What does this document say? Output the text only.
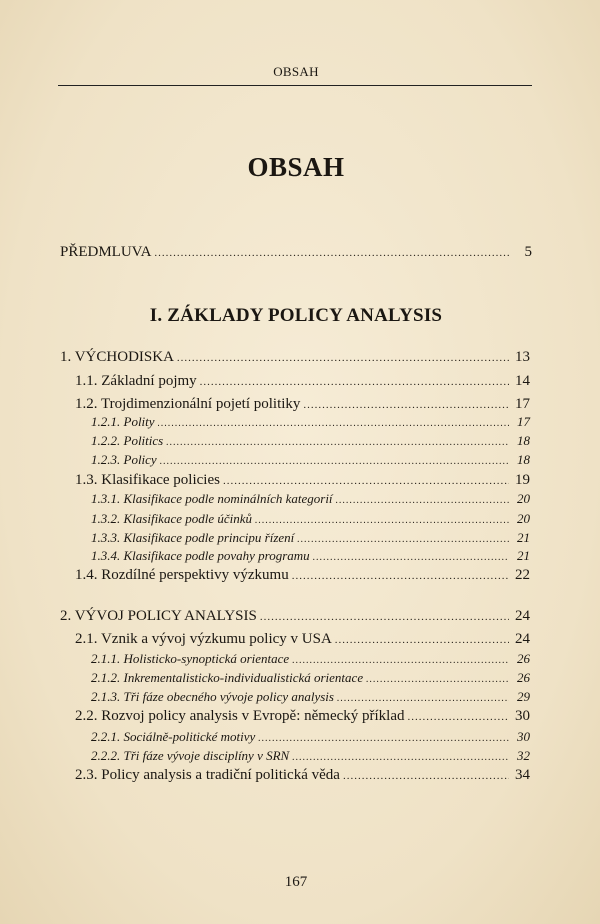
OBSAH
OBSAH
PŘEDMLUVA .....	5
I. ZÁKLADY POLICY ANALYSIS
1. VÝCHODISKA .....	13
1.1. Základní pojmy .....	14
1.2. Trojdimenzionální pojetí politiky .....	17
1.2.1. Polity .....	17
1.2.2. Politics .....	18
1.2.3. Policy .....	18
1.3. Klasifikace policies .....	19
1.3.1. Klasifikace podle nominálních kategorií .....	20
1.3.2. Klasifikace podle účinků .....	20
1.3.3. Klasifikace podle principu řízení .....	21
1.3.4. Klasifikace podle povahy programu .....	21
1.4. Rozdílné perspektivy výzkumu .....	22
2. VÝVOJ POLICY ANALYSIS .....	24
2.1. Vznik a vývoj výzkumu policy v USA .....	24
2.1.1. Holisticko-synoptická orientace .....	26
2.1.2. Inkrementalisticko-individualistická orientace .....	26
2.1.3. Tři fáze obecného vývoje policy analysis .....	29
2.2. Rozvoj policy analysis v Evropě: německý příklad .....	30
2.2.1. Sociálně-politické motivy .....	30
2.2.2. Tři fáze vývoje disciplíny v SRN .....	32
2.3. Policy analysis a tradiční politická věda .....	34
167
